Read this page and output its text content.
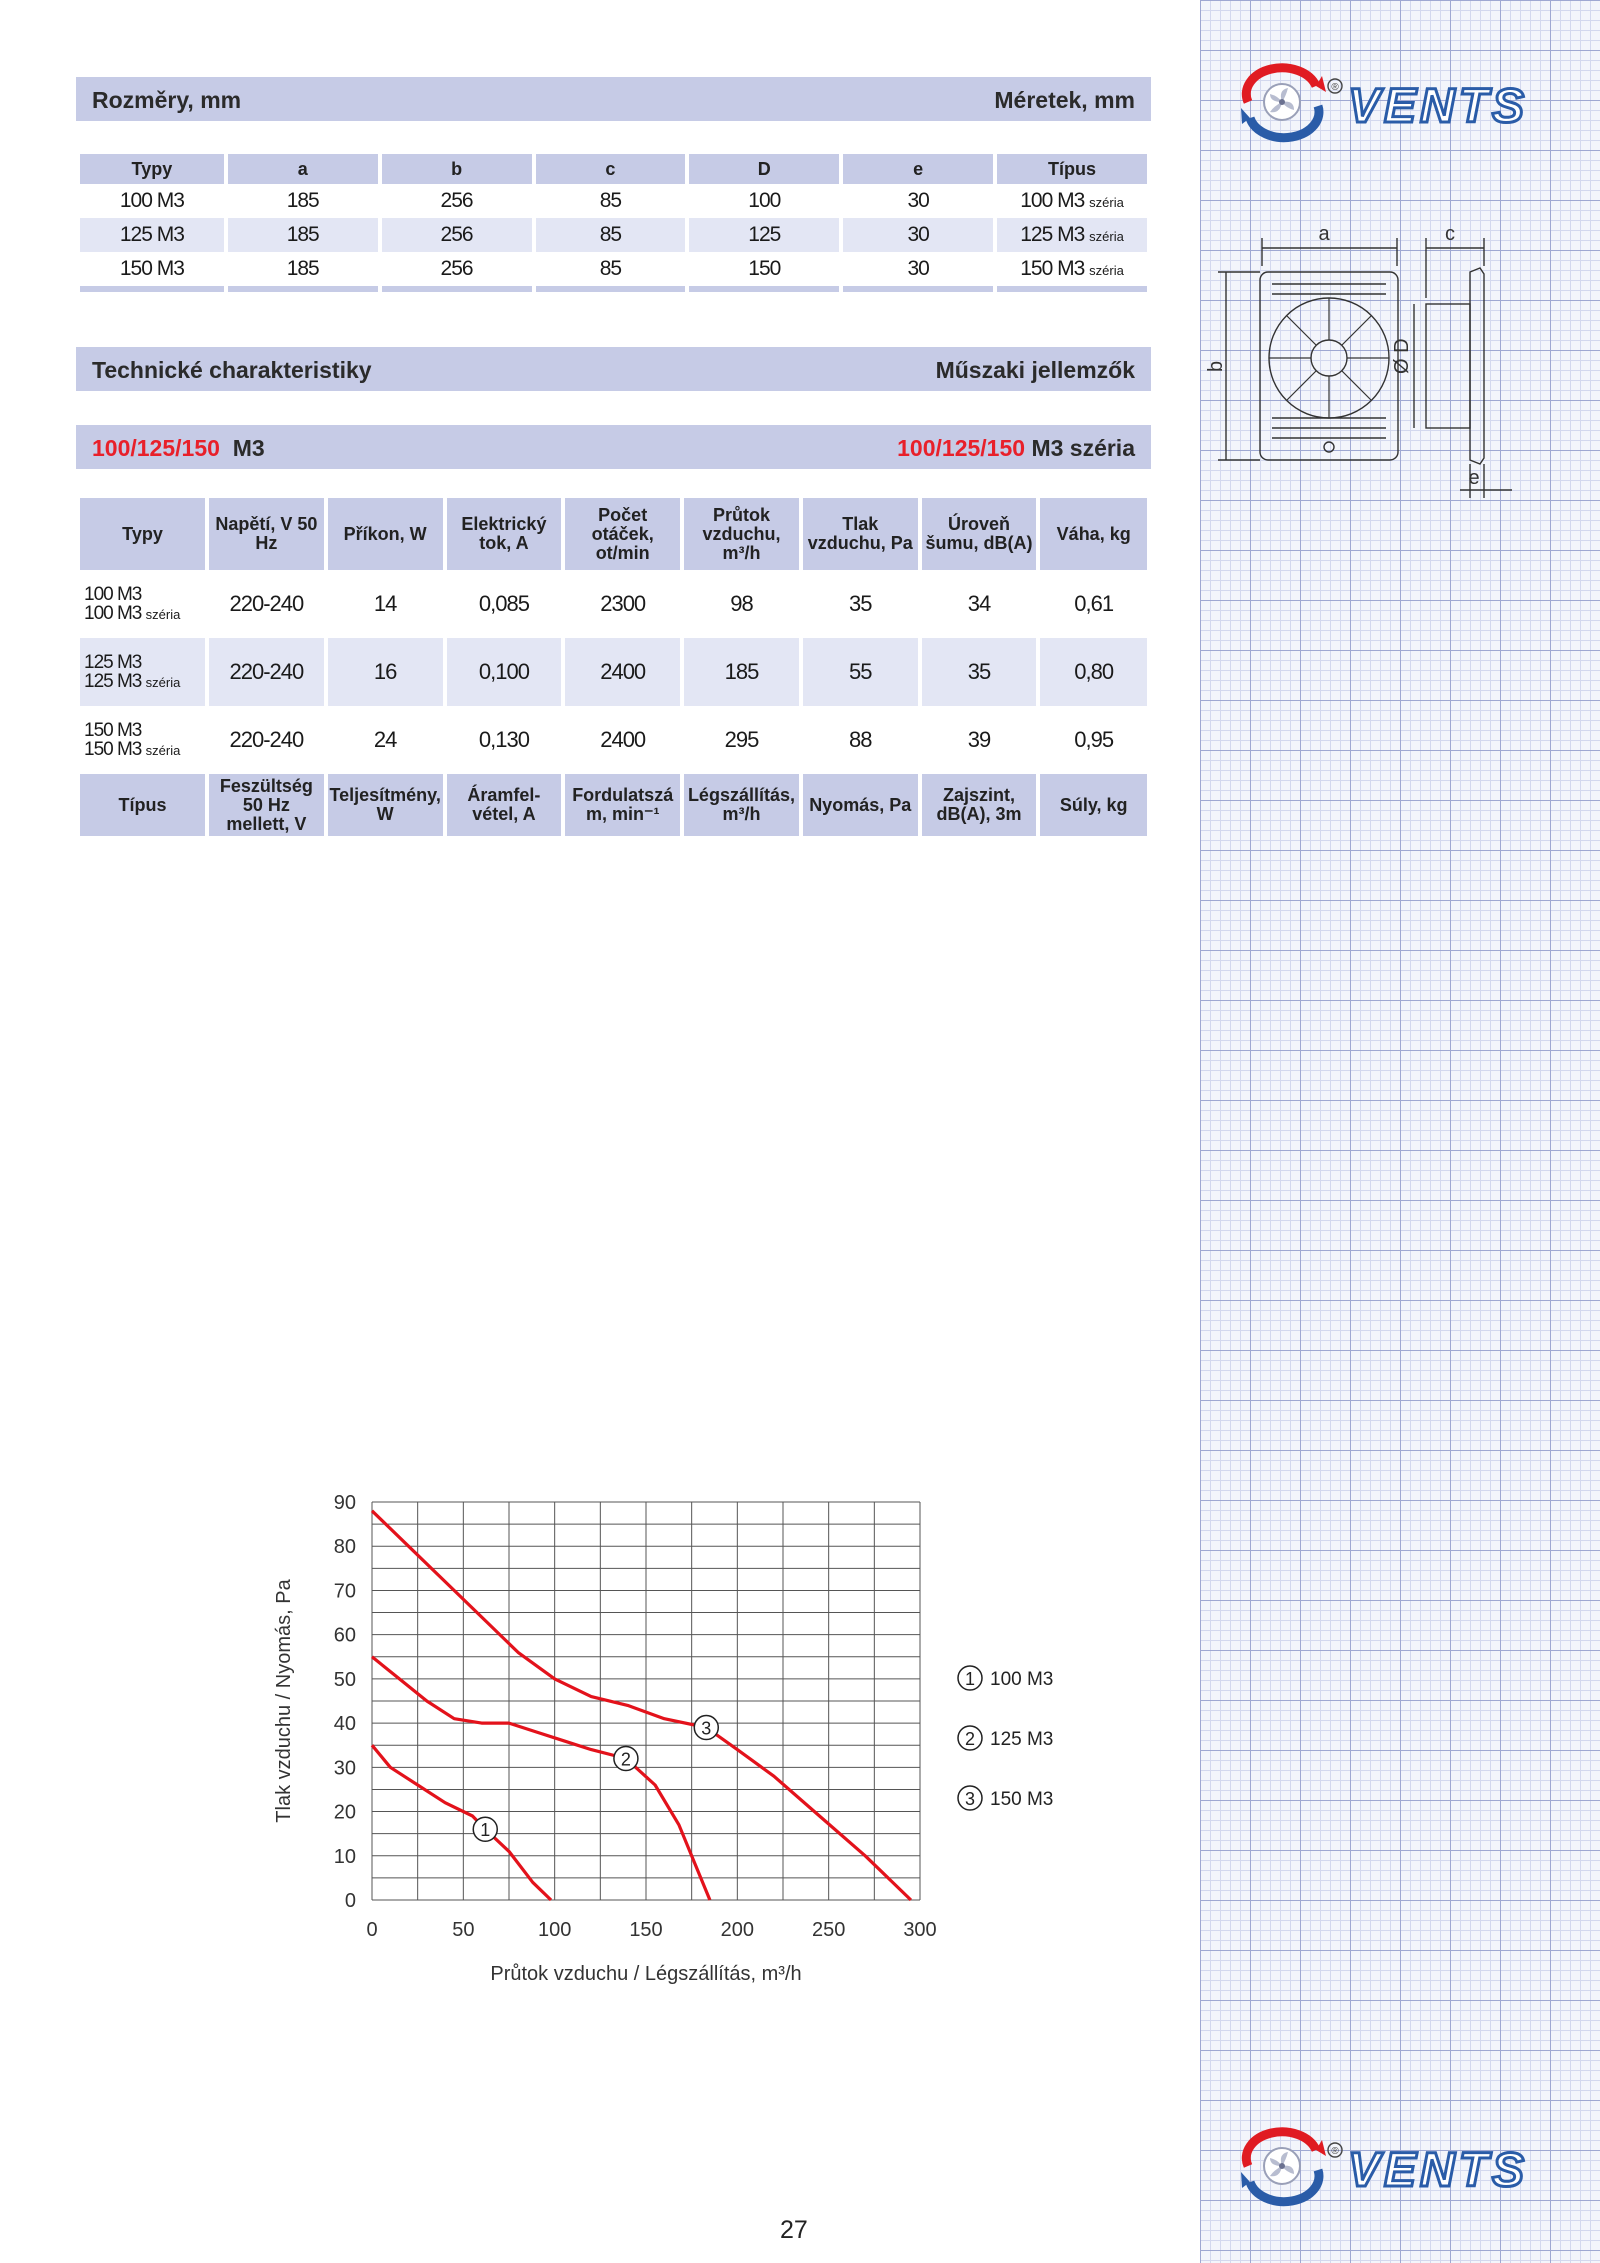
® VENTS
® VENTS
Rozměry, mm	Méretek, mm
Typy	a	b	c	D	e	Típus
100 M3	185	256	85	100	30	100 M3 széria
125 M3	185	256	85	125	30	125 M3 széria
150 M3	185	256	85	150	30	150 M3 széria

Technické charakteristiky	Műszaki jellemzők
100/125/150 M3	100/125/150 M3 széria
Typy	Napětí, V 50 Hz	Příkon, W	Elektrický tok, A	Počet otáček, ot/min	Průtok vzduchu, m³/h	Tlak vzduchu, Pa	Úroveň šumu, dB(A)	Váha, kg
100 M3
100 M3 széria	220-240	14	0,085	2300	98	35	34	0,61
125 M3
125 M3 széria	220-240	16	0,100	2400	185	55	35	0,80
150 M3
150 M3 széria	220-240	24	0,130	2400	295	88	39	0,95
Típus	Feszültség 50 Hz mellett, V	Teljesítmény, W	Áramfel-vétel, A	Fordulatszá m, min⁻¹	Légszállítás, m³/h	Nyomás, Pa	Zajszint, dB(A), 3m	Súly, kg
a
b
c
Ø D
e
0	50	100	150	200	250	300
0
10
20
30
40
50
60
70
80
90
Průtok vzduchu / Légszállítás, m³/h
Tlak vzduchu / Nyomás, Pa
1
2
3
1 100 M3
2 125 M3
3 150 M3
27
